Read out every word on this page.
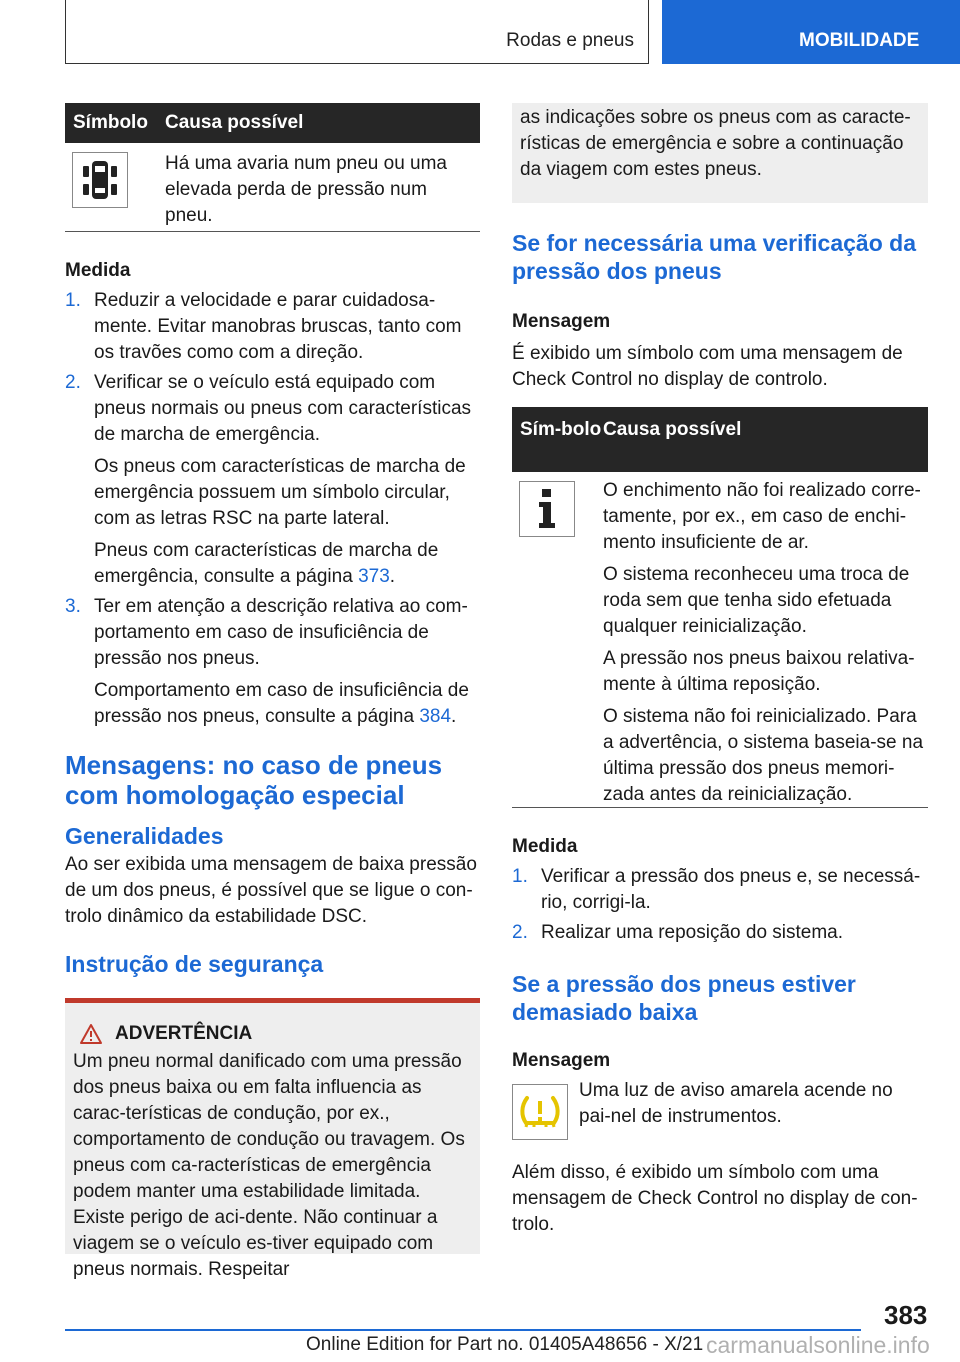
Rodas e pneus	MOBILIDADE
Símbolo Causa possível
Há uma avaria num pneu ou uma elevada perda de pressão num pneu.
Medida
1. Reduzir a velocidade e parar cuidadosa-mente. Evitar manobras bruscas, tanto com os travões como com a direção.
2. Verificar se o veículo está equipado com pneus normais ou pneus com características de marcha de emergência.
Os pneus com características de marcha de emergência possuem um símbolo circular, com as letras RSC na parte lateral.
Pneus com características de marcha de emergência, consulte a página 373.
3. Ter em atenção a descrição relativa ao com-portamento em caso de insuficiência de pressão nos pneus.
Comportamento em caso de insuficiência de pressão nos pneus, consulte a página 384.
Mensagens: no caso de pneus com homologação especial
Generalidades
Ao ser exibida uma mensagem de baixa pressão de um dos pneus, é possível que se ligue o con-trolo dinâmico da estabilidade DSC.
Instrução de segurança
ADVERTÊNCIA
Um pneu normal danificado com uma pressão dos pneus baixa ou em falta influencia as carac-terísticas de condução, por ex., comportamento de condução ou travagem. Os pneus com ca-racterísticas de emergência podem manter uma estabilidade limitada. Existe perigo de aci-dente. Não continuar a viagem se o veículo es-tiver equipado com pneus normais. Respeitar
as indicações sobre os pneus com as caracte-rísticas de emergência e sobre a continuação da viagem com estes pneus.
Se for necessária uma verificação da pressão dos pneus
Mensagem
É exibido um símbolo com uma mensagem de Check Control no display de controlo.
Sím-bolo Causa possível
O enchimento não foi realizado corre-tamente, por ex., em caso de enchi-mento insuficiente de ar.
O sistema reconheceu uma troca de roda sem que tenha sido efetuada qualquer reinicialização.
A pressão nos pneus baixou relativa-mente à última reposição.
O sistema não foi reinicializado. Para a advertência, o sistema baseia-se na última pressão dos pneus memori-zada antes da reinicialização.
Medida
1. Verificar a pressão dos pneus e, se necessá-rio, corrigi-la.
2. Realizar uma reposição do sistema.
Se a pressão dos pneus estiver demasiado baixa
Mensagem
Uma luz de aviso amarela acende no pai-nel de instrumentos.
Além disso, é exibido um símbolo com uma mensagem de Check Control no display de con-trolo.
383
Online Edition for Part no. 01405A48656 - X/21 carmanualsonline.info
